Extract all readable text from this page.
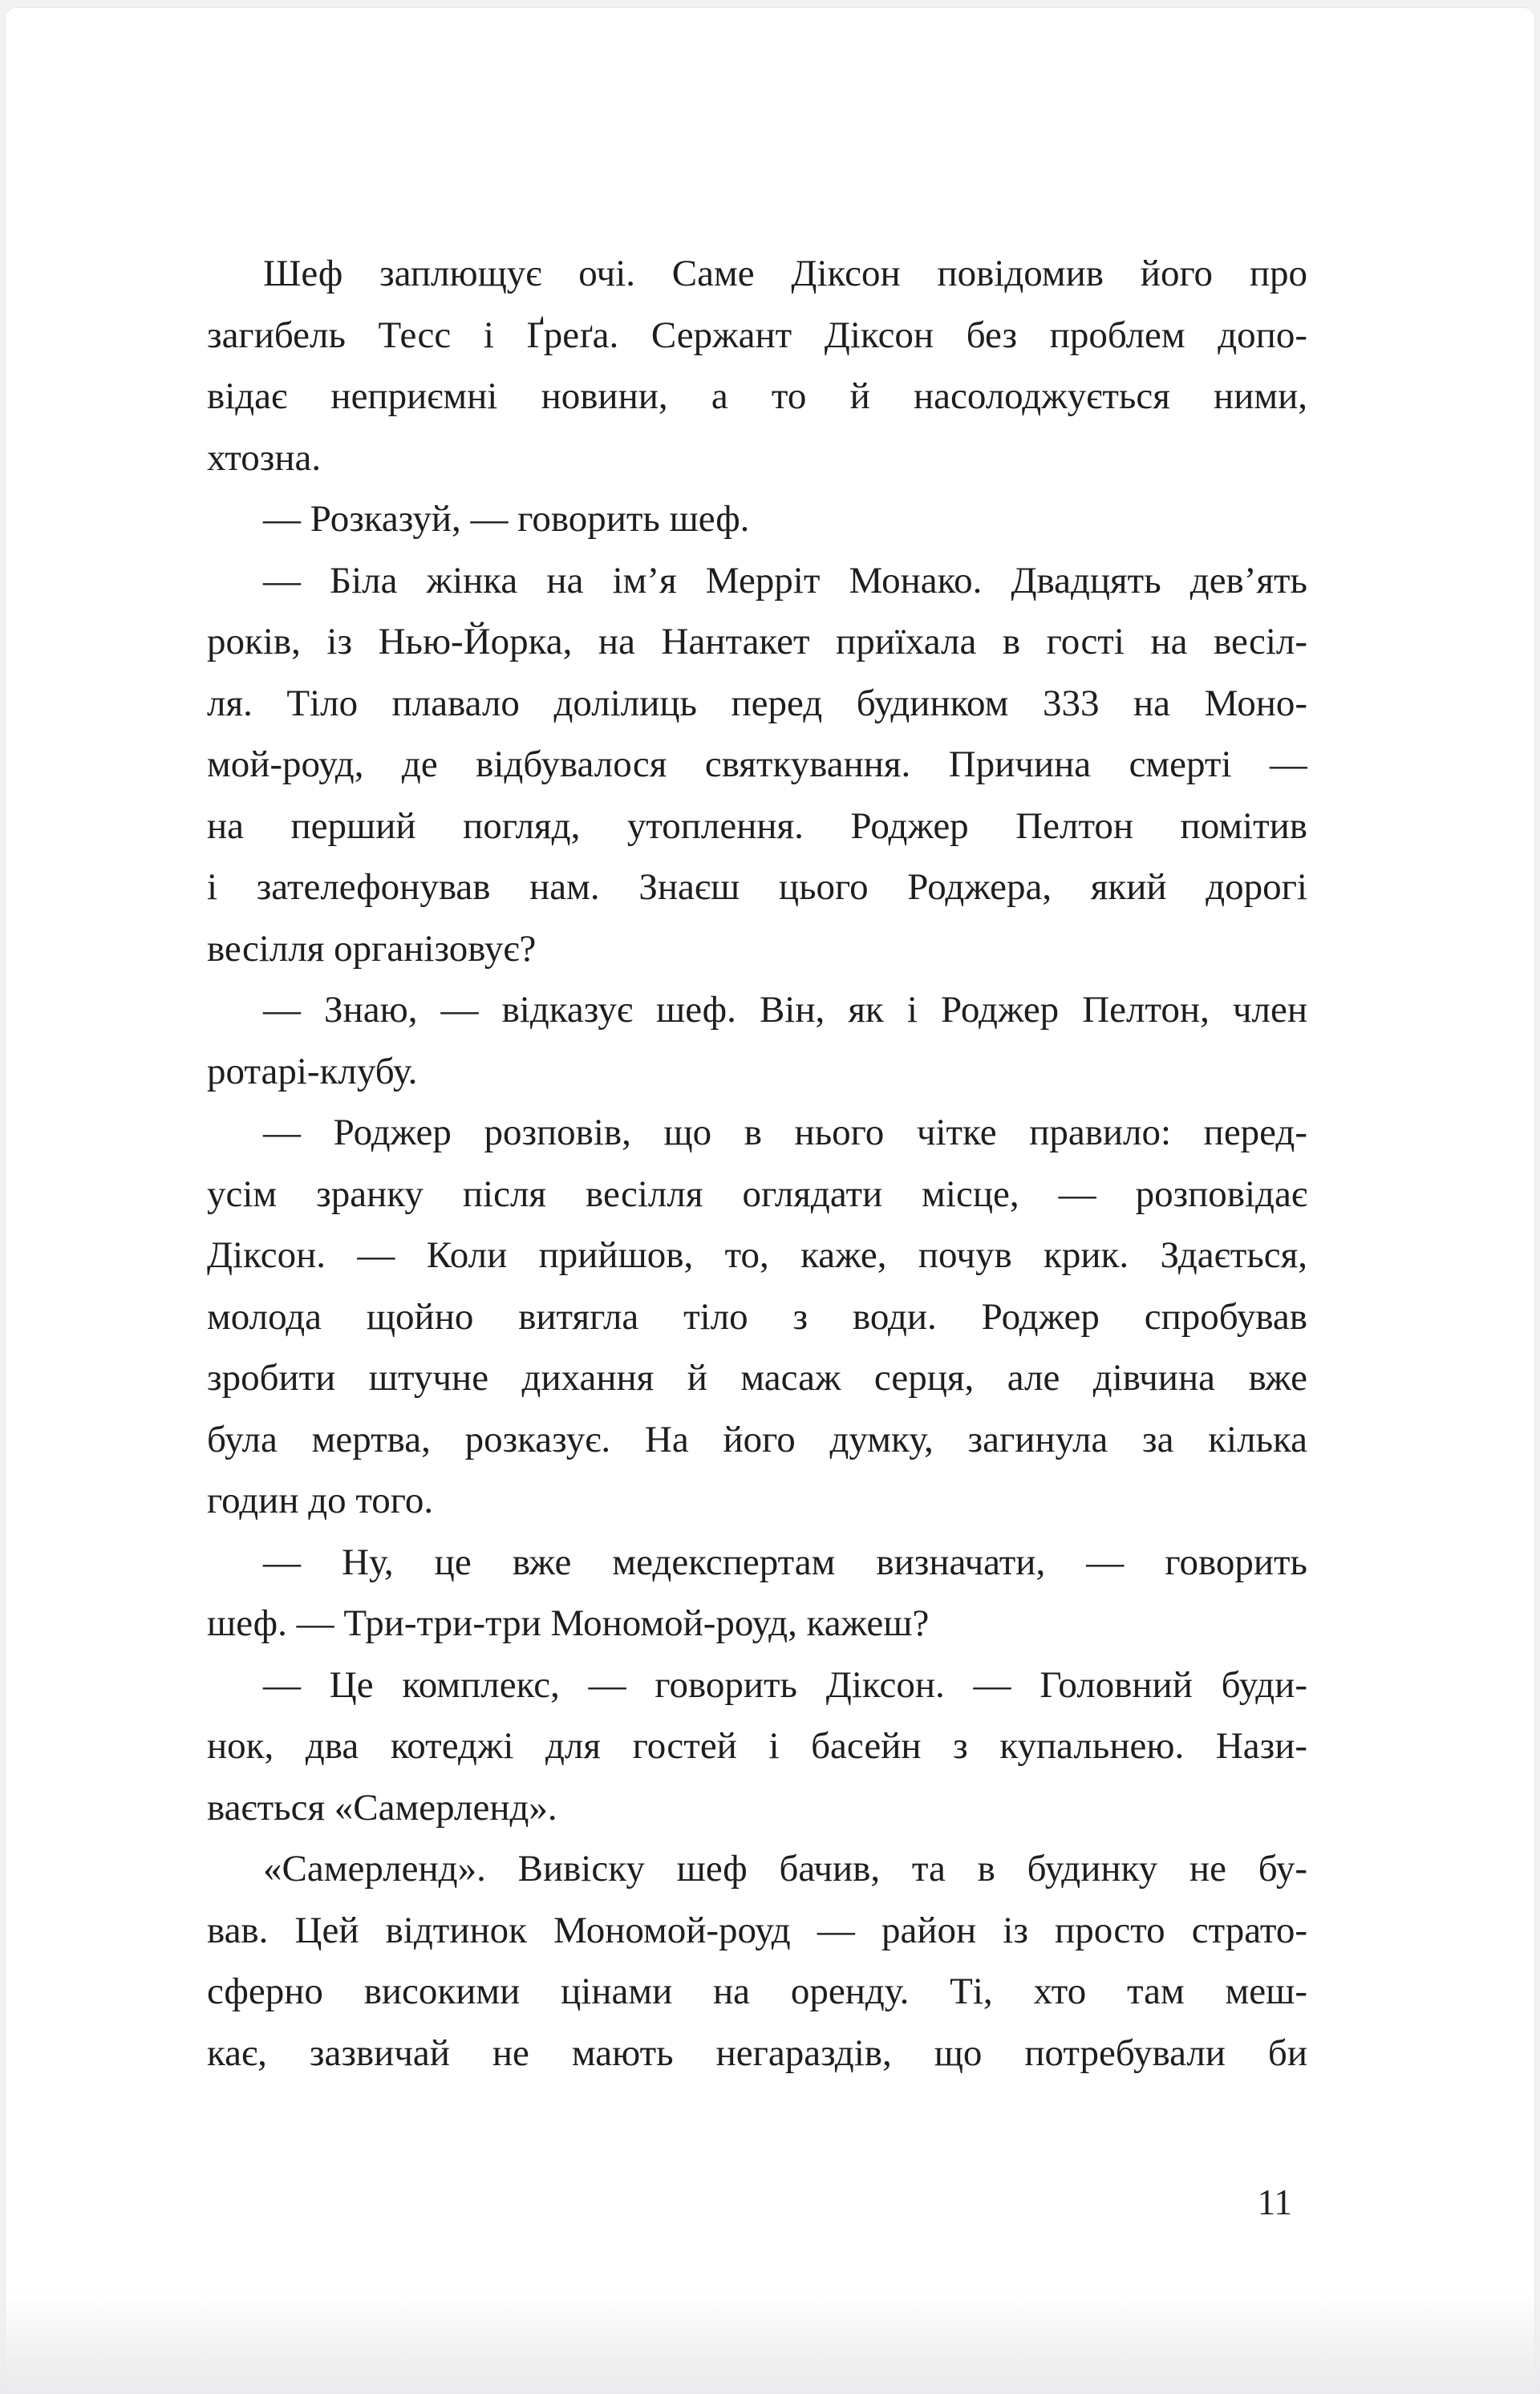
Шеф заплющує очі. Саме Діксон повідомив його про
загибель Тесс і Ґреґа. Сержант Діксон без проблем допо-
відає неприємні новини, а то й насолоджується ними,
хтозна.
— Розказуй, — говорить шеф.
— Біла жінка на ім’я Мерріт Монако. Двадцять дев’ять
років, із Нью-Йорка, на Нантакет приїхала в гості на весіл-
ля. Тіло плавало долілиць перед будинком 333 на Моно-
мой-роуд, де відбувалося святкування. Причина смерті —
на перший погляд, утоплення. Роджер Пелтон помітив
і зателефонував нам. Знаєш цього Роджера, який дорогі
весілля організовує?
— Знаю, — відказує шеф. Він, як і Роджер Пелтон, член
ротарі-клубу.
— Роджер розповів, що в нього чітке правило: перед-
усім зранку після весілля оглядати місце, — розповідає
Діксон. — Коли прийшов, то, каже, почув крик. Здається,
молода щойно витягла тіло з води. Роджер спробував
зробити штучне дихання й масаж серця, але дівчина вже
була мертва, розказує. На його думку, загинула за кілька
годин до того.
— Ну, це вже медекспертам визначати, — говорить
шеф. — Три-три-три Мономой-роуд, кажеш?
— Це комплекс, — говорить Діксон. — Головний буди-
нок, два котеджі для гостей і басейн з купальнею. Нази-
вається «Самерленд».
«Самерленд». Вивіску шеф бачив, та в будинку не бу-
вав. Цей відтинок Мономой-роуд — район із просто страто-
сферно високими цінами на оренду. Ті, хто там меш-
кає, зазвичай не мають негараздів, що потребували би
11
